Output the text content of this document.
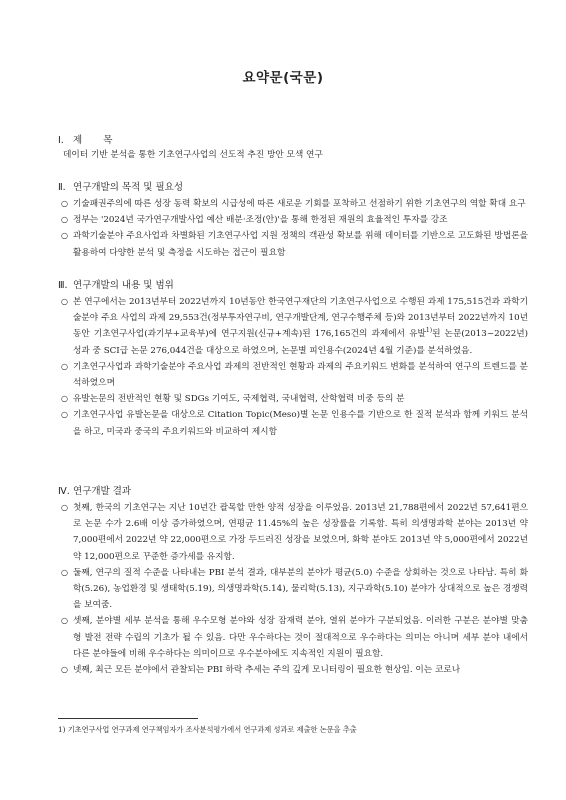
요약문(국문)
Ⅰ. 제 목
데이터 기반 분석을 통한 기초연구사업의 선도적 추진 방안 모색 연구
Ⅱ. 연구개발의 목적 및 필요성
○ 기술패권주의에 따른 성장 동력 확보의 시급성에 따른 새로운 기회를 포착하고 선점하기 위한 기초연구의 역할 확대 요구
○ 정부는 '2024년 국가연구개발사업 예산 배분·조정(안)'을 통해 한정된 재원의 효율적인 투자를 강조
○ 과학기술분야 주요사업과 차별화된 기초연구사업 지원 정책의 객관성 확보를 위해 데이터를 기반으로 고도화된 방법론을 활용하여 다양한 분석 및 측정을 시도하는 접근이 필요함
Ⅲ. 연구개발의 내용 및 범위
○ 본 연구에서는 2013년부터 2022년까지 10년동안 한국연구재단의 기초연구사업으로 수행된 과제 175,515건과 과학기술분야 주요 사업의 과제 29,553건(정부투자연구비, 연구개발단계, 연구수행주체 등)와 2013년부터 2022년까지 10년 동안 기초연구사업(과기부+교육부)에 연구지원(신규+계속)된 176,165건의 과제에서 유발$^{1)}$된 논문(2013~2022년) 성과 중 SCI급 논문 276,044건을 대상으로 하였으며, 논문별 피인용수(2024년 4월 기준)를 분석하였음.
○ 기초연구사업과 과학기술분야 주요사업 과제의 전반적인 현황과 과제의 주요키워드 변화를 분석하여 연구의 트렌드를 분석하였으며
○ 유발논문의 전반적인 현황 및 SDGs 기여도, 국제협력, 국내협력, 산학협력 비중 등의 분
○ 기초연구사업 유발논문을 대상으로 Citation Topic(Meso)별 논문 인용수를 기반으로 한 질적 분석과 함께 키워드 분석을 하고, 미국과 중국의 주요키워드와 비교하여 제시함
Ⅳ. 연구개발 결과
○ 첫째, 한국의 기초연구는 지난 10년간 괄목할 만한 양적 성장을 이루었음. 2013년 21,788편에서 2022년 57,641편으로 논문 수가 2.6배 이상 증가하였으며, 연평균 11.45%의 높은 성장률을 기록함. 특히 의생명과학 분야는 2013년 약 7,000편에서 2022년 약 22,000편으로 가장 두드러진 성장을 보였으며, 화학 분야도 2013년 약 5,000편에서 2022년 약 12,000편으로 꾸준한 증가세를 유지함.
○ 둘째, 연구의 질적 수준을 나타내는 PBI 분석 결과, 대부분의 분야가 평균(5.0) 수준을 상회하는 것으로 나타남. 특히 화학(5.26), 농업환경 및 생태학(5.19), 의생명과학(5.14), 물리학(5.13), 지구과학(5.10) 분야가 상대적으로 높은 경쟁력을 보여줌.
○ 셋째, 분야별 세부 분석을 통해 우수모형 분야와 성장 잠재력 분야, 열위 분야가 구분되었음. 이러한 구분은 분야별 맞춤형 발전 전략 수립의 기초가 될 수 있음. 다만 우수하다는 것이 절대적으로 우수하다는 의미는 아니며 세부 분야 내에서 다른 분야들에 비해 우수하다는 의미이므로 우수분야에도 지속적인 지원이 필요함.
○ 넷째, 최근 모든 분야에서 관찰되는 PBI 하락 추세는 주의 깊게 모니터링이 필요한 현상임. 이는 코로나
1) 기초연구사업 연구과제 연구책임자가 조사분석평가에서 연구과제 성과로 제출한 논문을 추출
